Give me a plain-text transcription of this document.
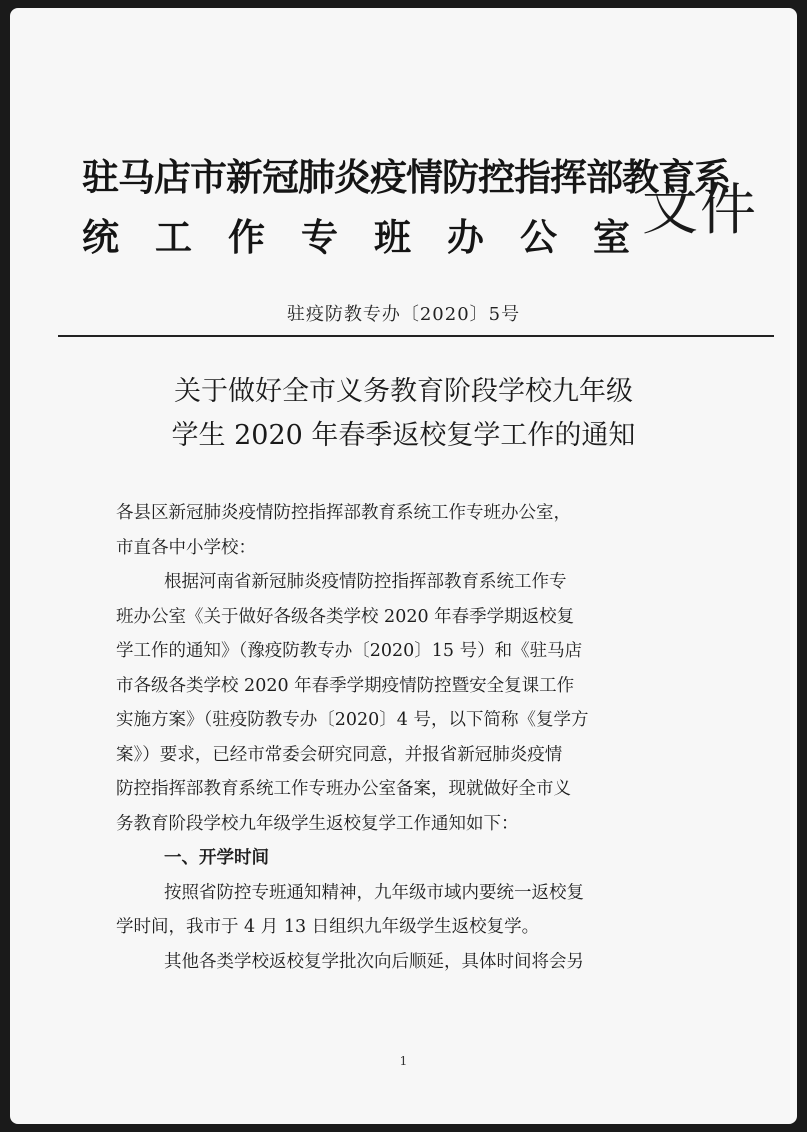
驻马店市新冠肺炎疫情防控指挥部教育系
统 工 作 专 班 办 公 室 文件
驻疫防教专办〔2020〕5号
关于做好全市义务教育阶段学校九年级
学生 2020 年春季返校复学工作的通知

各县区新冠肺炎疫情防控指挥部教育系统工作专班办公室，

市直各中小学校：

根据河南省新冠肺炎疫情防控指挥部教育系统工作专

班办公室《关于做好各级各类学校 2020 年春季学期返校复

学工作的通知》（豫疫防教专办〔2020〕15 号）和《驻马店

市各级各类学校 2020 年春季学期疫情防控暨安全复课工作

实施方案》（驻疫防教专办〔2020〕4 号，以下简称《复学方

案》）要求，已经市常委会研究同意，并报省新冠肺炎疫情

防控指挥部教育系统工作专班办公室备案，现就做好全市义

务教育阶段学校九年级学生返校复学工作通知如下：

一、开学时间

按照省防控专班通知精神，九年级市域内要统一返校复

学时间，我市于 4 月 13 日组织九年级学生返校复学。

其他各类学校返校复学批次向后顺延，具体时间将会另

1
